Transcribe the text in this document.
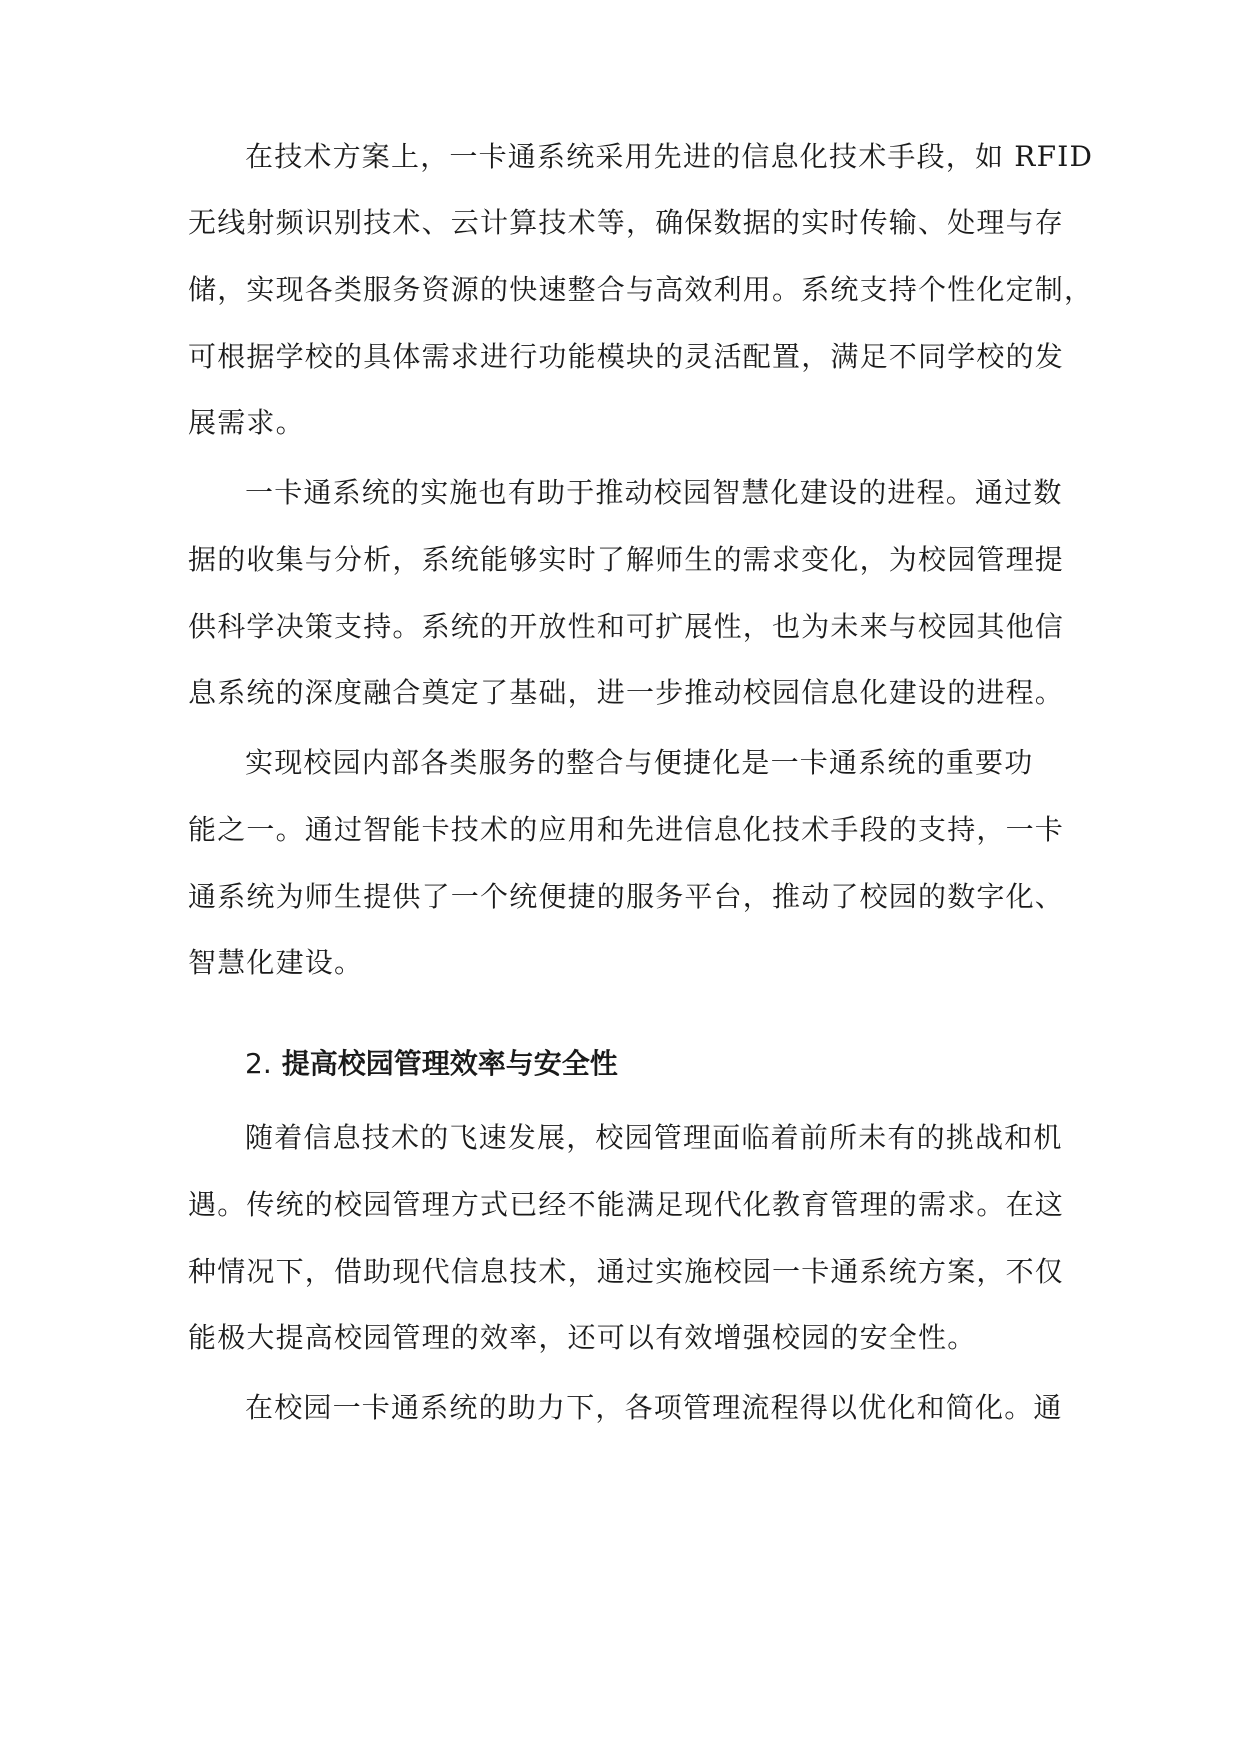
在技术方案上，一卡通系统采用先进的信息化技术手段，如 RFID
无线射频识别技术、云计算技术等，确保数据的实时传输、处理与存
储，实现各类服务资源的快速整合与高效利用。系统支持个性化定制，
可根据学校的具体需求进行功能模块的灵活配置，满足不同学校的发
展需求。
一卡通系统的实施也有助于推动校园智慧化建设的进程。通过数
据的收集与分析，系统能够实时了解师生的需求变化，为校园管理提
供科学决策支持。系统的开放性和可扩展性，也为未来与校园其他信
息系统的深度融合奠定了基础，进一步推动校园信息化建设的进程。
实现校园内部各类服务的整合与便捷化是一卡通系统的重要功
能之一。通过智能卡技术的应用和先进信息化技术手段的支持，一卡
通系统为师生提供了一个统便捷的服务平台，推动了校园的数字化、
智慧化建设。
2. 提高校园管理效率与安全性
随着信息技术的飞速发展，校园管理面临着前所未有的挑战和机
遇。传统的校园管理方式已经不能满足现代化教育管理的需求。在这
种情况下，借助现代信息技术，通过实施校园一卡通系统方案，不仅
能极大提高校园管理的效率，还可以有效增强校园的安全性。
在校园一卡通系统的助力下，各项管理流程得以优化和简化。通
